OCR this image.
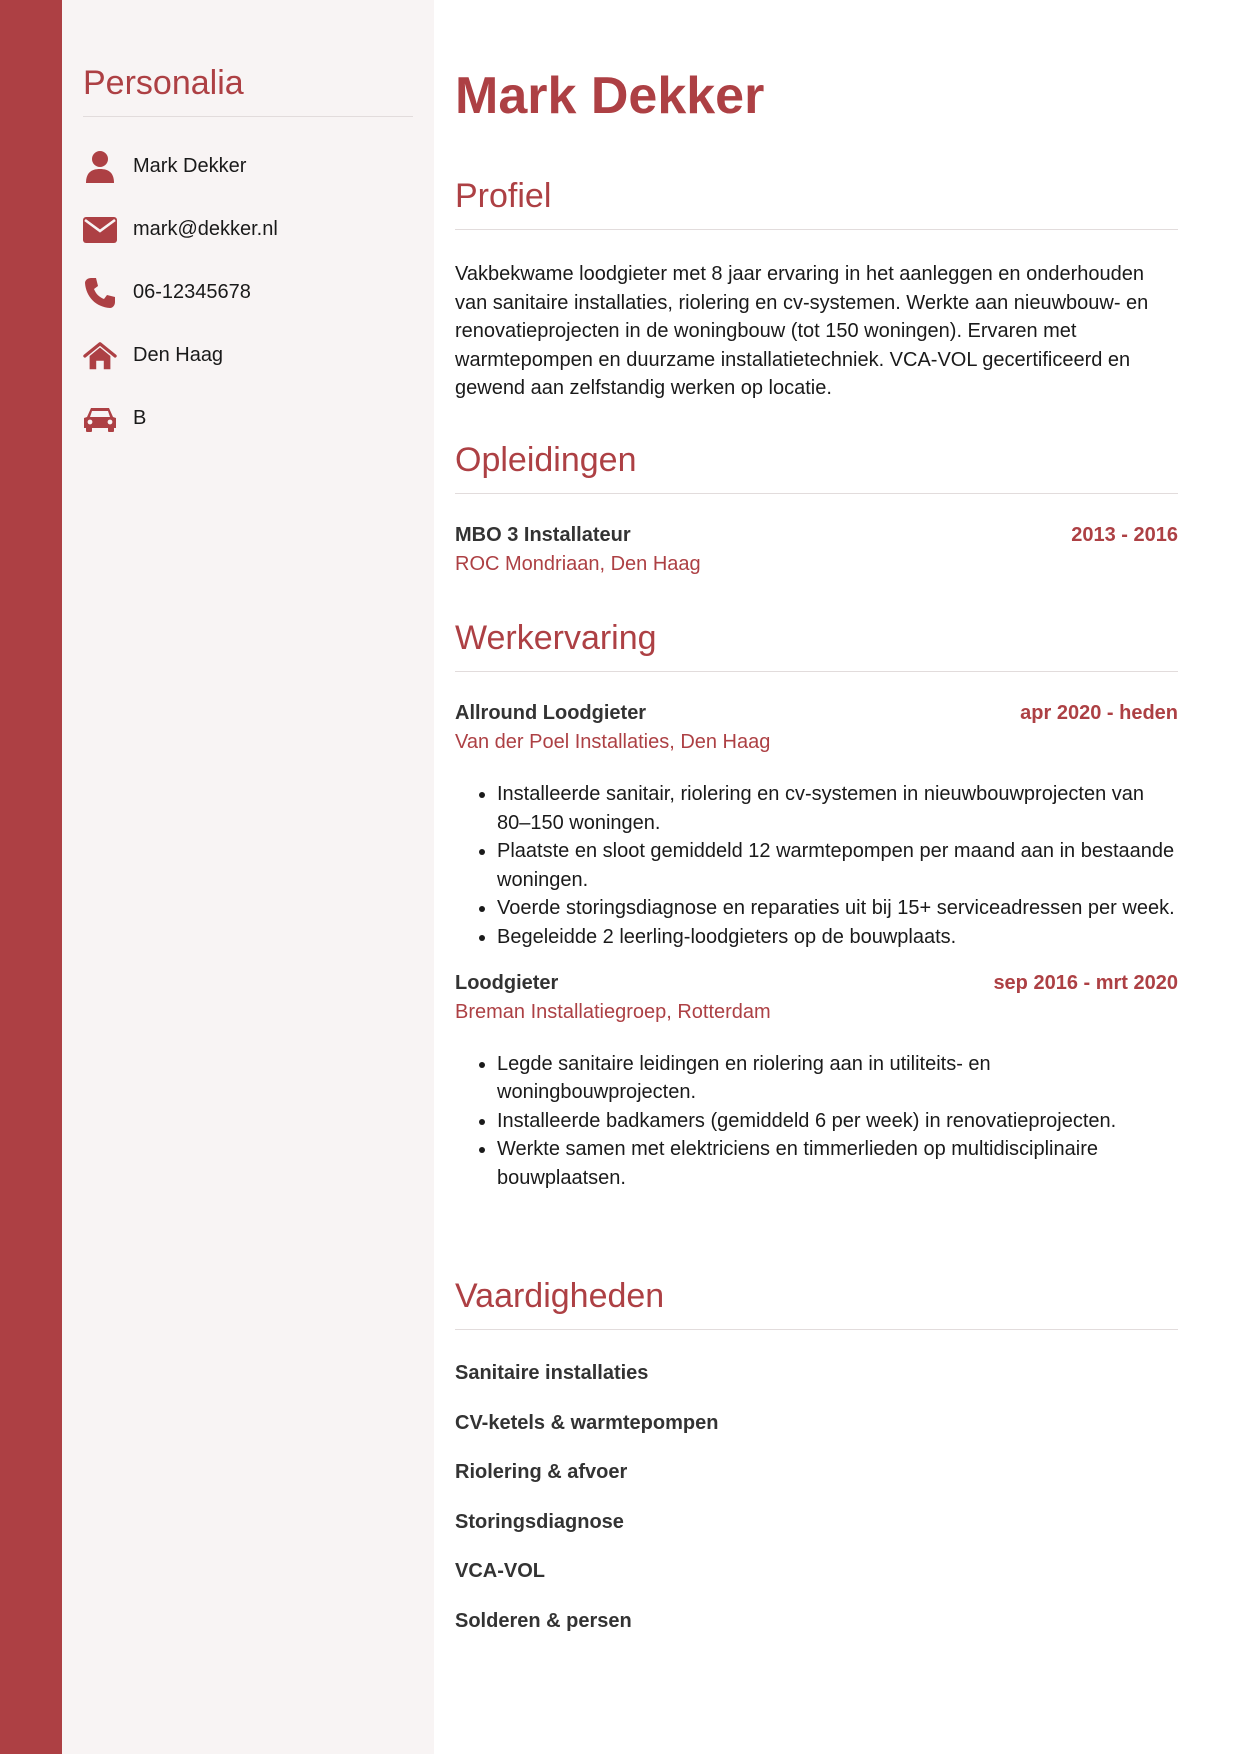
Personalia
Mark Dekker
mark@dekker.nl
06-12345678
Den Haag
B
Mark Dekker
Profiel

Vakbekwame loodgieter met 8 jaar ervaring in het aanleggen en onderhouden van sanitaire installaties, riolering en cv-systemen. Werkte aan nieuwbouw- en renovatieprojecten in de woningbouw (tot 150 woningen). Ervaren met warmtepompen en duurzame installatietechniek. VCA-VOL gecertificeerd en gewend aan zelfstandig werken op locatie.

Opleidingen
MBO 3 Installateur	2013 - 2016
ROC Mondriaan, Den Haag
Werkervaring
Allround Loodgieter	apr 2020 - heden
Van der Poel Installaties, Den Haag
• Installeerde sanitair, riolering en cv-systemen in nieuwbouwprojecten van 80–150 woningen.
• Plaatste en sloot gemiddeld 12 warmtepompen per maand aan in bestaande woningen.
• Voerde storingsdiagnose en reparaties uit bij 15+ serviceadressen per week.
• Begeleidde 2 leerling-loodgieters op de bouwplaats.
Loodgieter	sep 2016 - mrt 2020
Breman Installatiegroep, Rotterdam
• Legde sanitaire leidingen en riolering aan in utiliteits- en woningbouwprojecten.
• Installeerde badkamers (gemiddeld 6 per week) in renovatieprojecten.
• Werkte samen met elektriciens en timmerlieden op multidisciplinaire bouwplaatsen.
Vaardigheden
Sanitaire installaties
CV-ketels & warmtepompen
Riolering & afvoer
Storingsdiagnose
VCA-VOL
Solderen & persen
